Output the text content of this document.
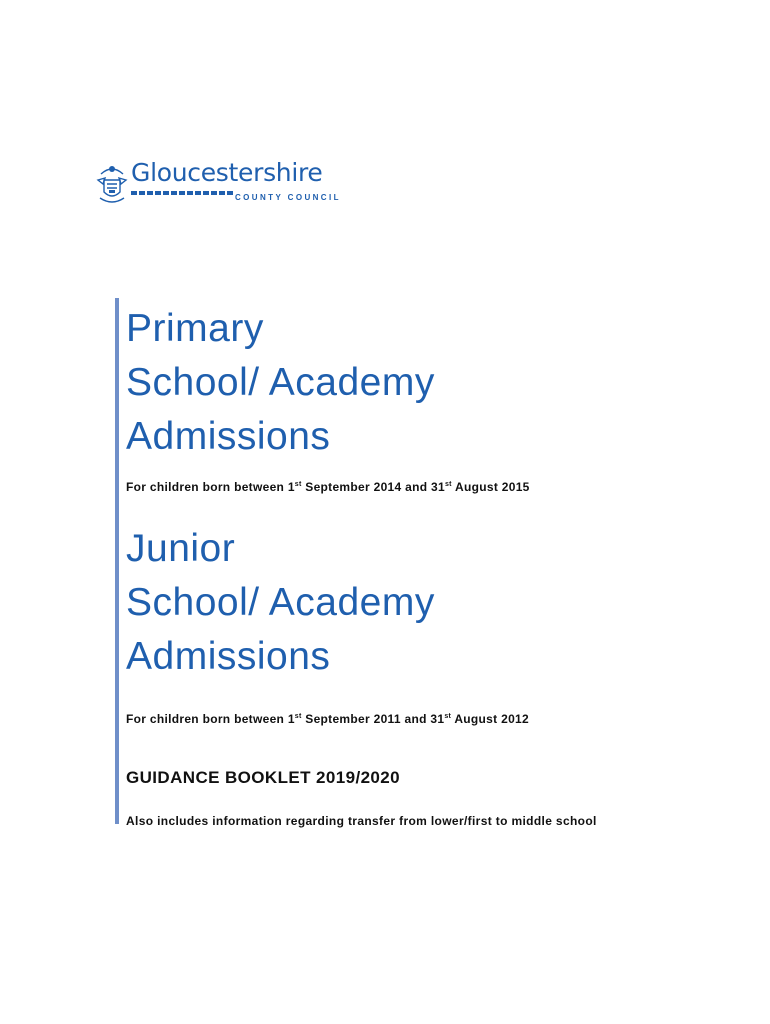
Gloucestershire
COUNTY COUNCIL
Primary
School/ Academy
Admissions

For children born between 1st September 2014 and 31st August 2015

Junior
School/ Academy
Admissions

For children born between 1st September 2011 and 31st August 2012

GUIDANCE BOOKLET 2019/2020

Also includes information regarding transfer from lower/first to middle school
